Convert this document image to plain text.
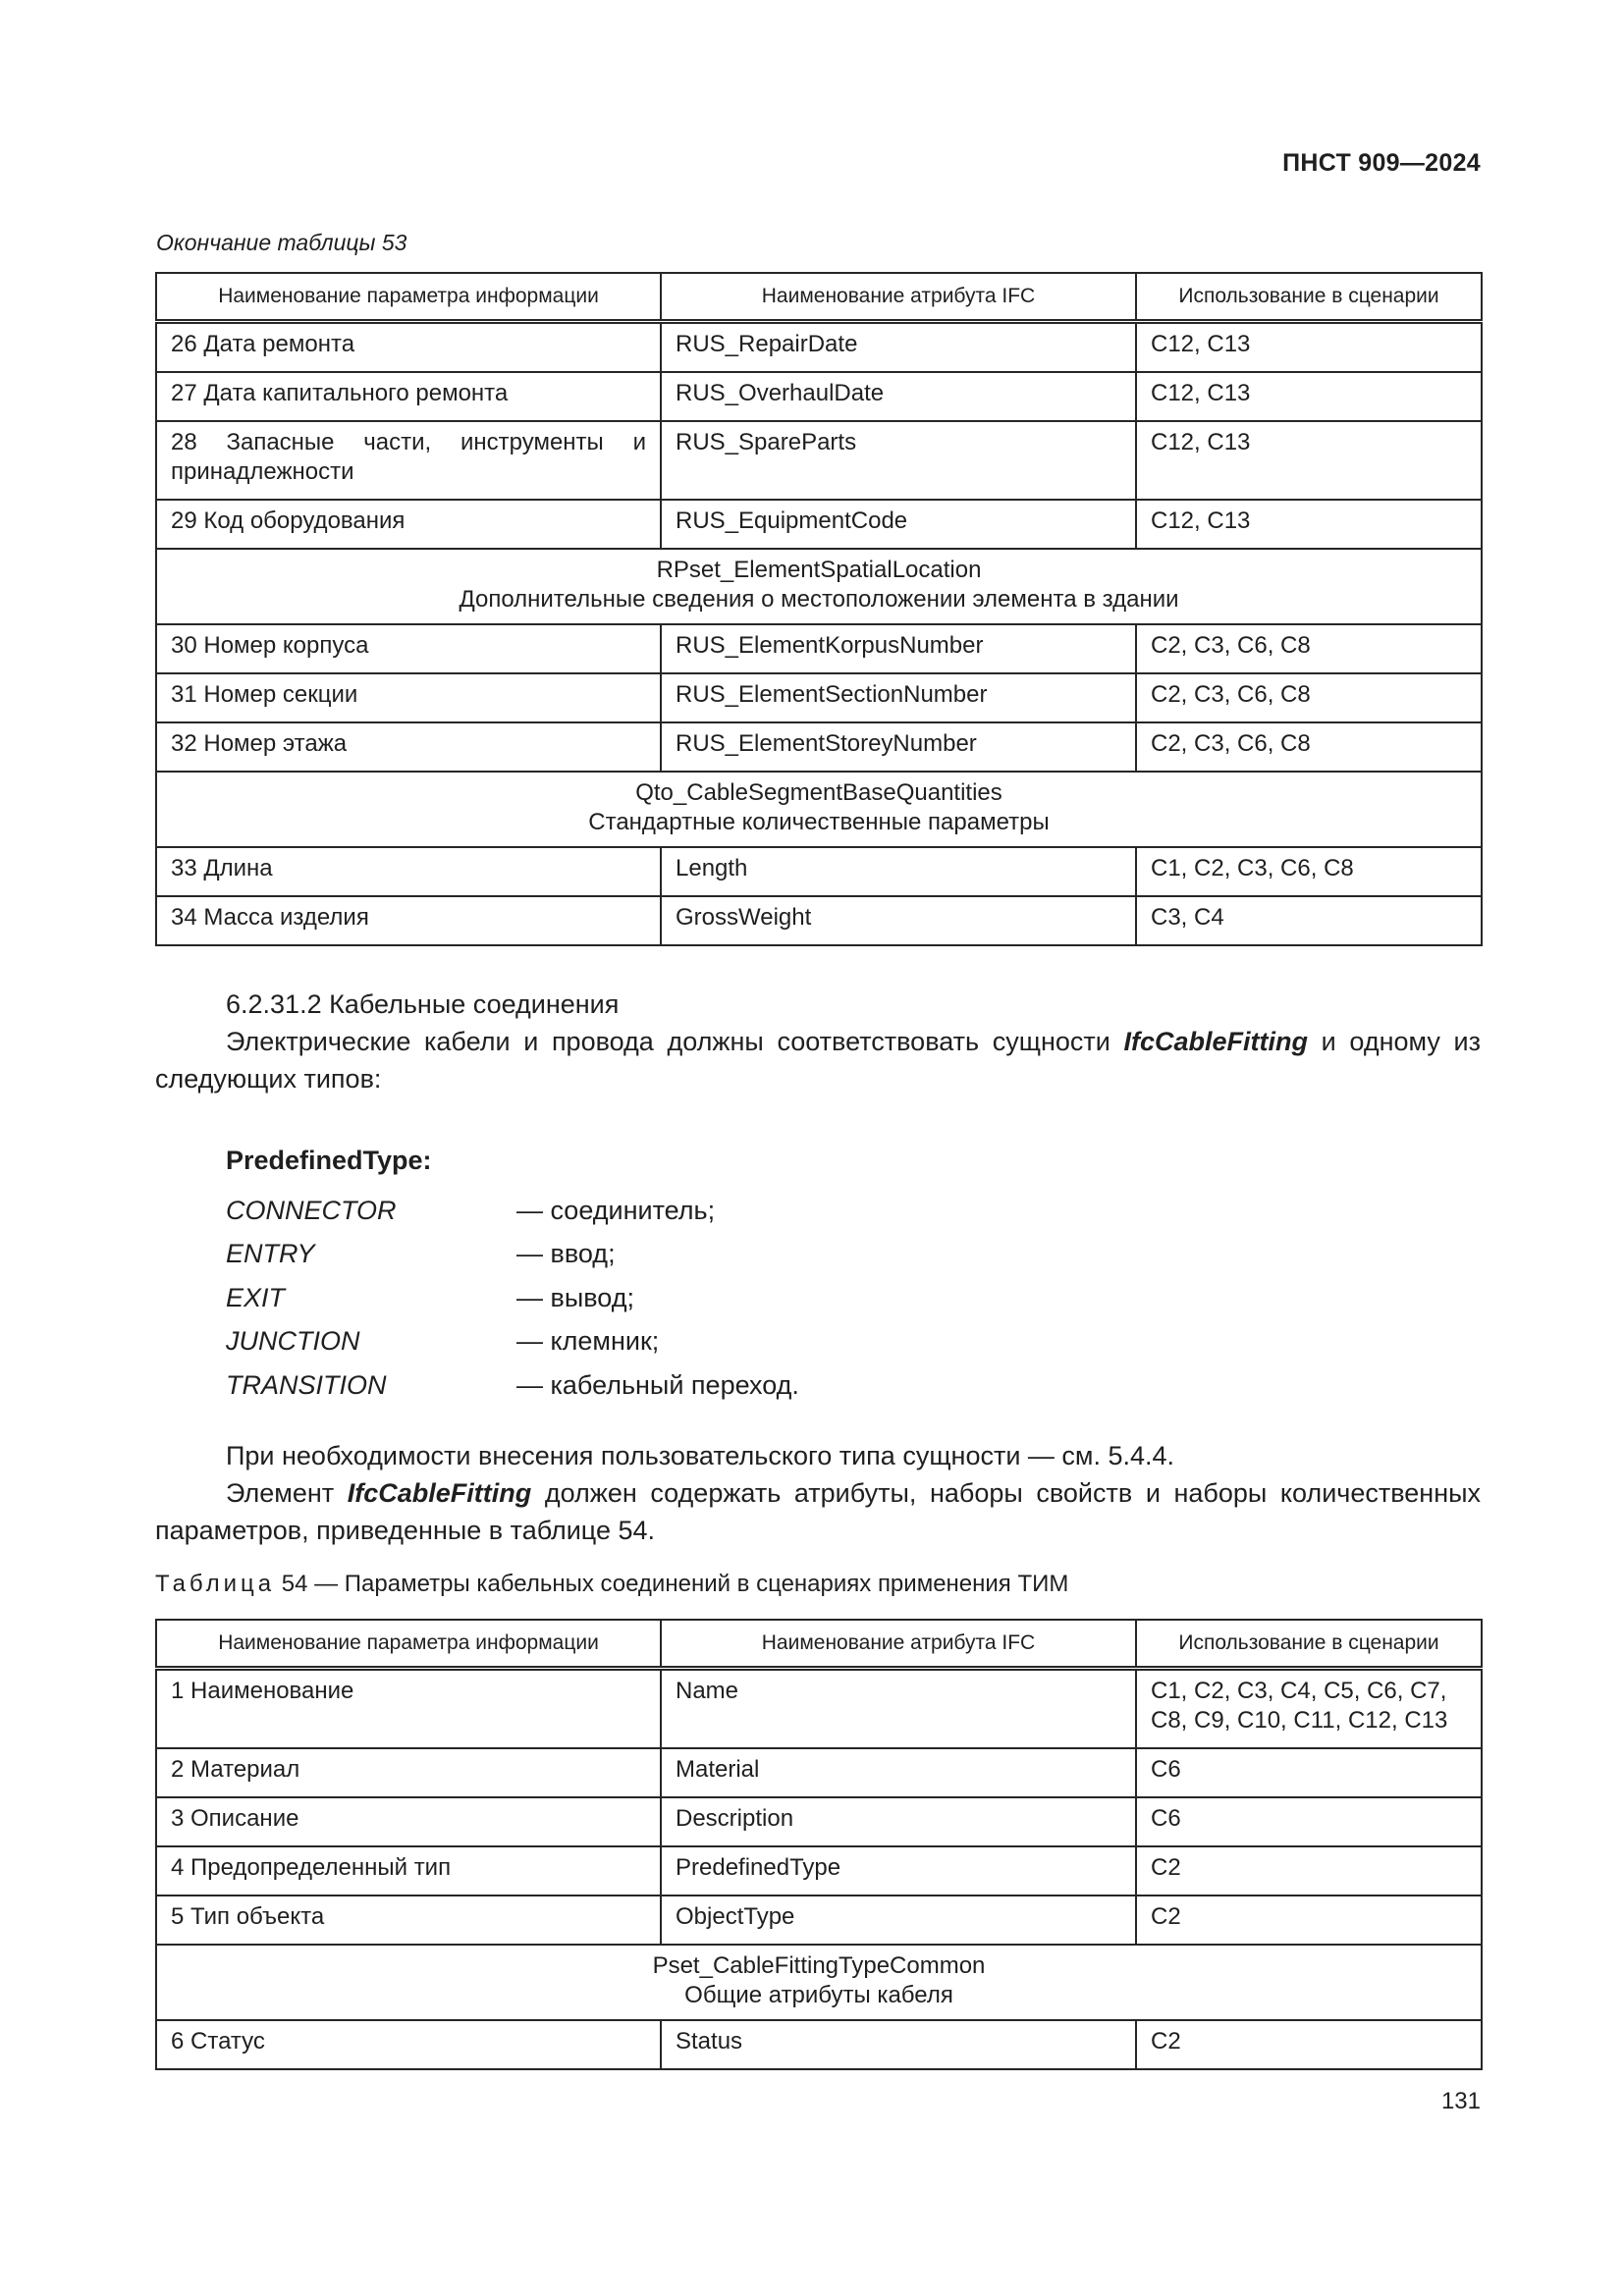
ПНСТ 909—2024
Окончание таблицы 53
Наименование параметра информации	Наименование атрибута IFC	Использование в сценарии
26 Дата ремонта	RUS_RepairDate	С12, С13
27 Дата капитального ремонта	RUS_OverhaulDate	С12, С13
28 Запасные части, инструменты и принадлежности	RUS_SpareParts	С12, С13
29 Код оборудования	RUS_EquipmentCode	С12, С13

RPset_ElementSpatialLocation
Дополнительные сведения о местоположении элемента в здании		

30 Номер корпуса	RUS_ElementKorpusNumber	С2, С3, С6, С8
31 Номер секции	RUS_ElementSectionNumber	С2, С3, С6, С8
32 Номер этажа	RUS_ElementStoreyNumber	С2, С3, С6, С8

Qto_CableSegmentBaseQuantities
Стандартные количественные параметры		

33 Длина	Length	С1, С2, С3, С6, С8
34 Масса изделия	GrossWeight	С3, С4
6.2.31.2 Кабельные соединения
Электрические кабели и провода должны соответствовать сущности IfcCableFitting и одному из следующих типов:
PredefinedType:
CONNECTOR	— соединитель;
ENTRY	— ввод;
EXIT	— вывод;
JUNCTION	— клемник;
TRANSITION	— кабельный переход.
При необходимости внесения пользовательского типа сущности — см. 5.4.4.
Элемент IfcCableFitting должен содержать атрибуты, наборы свойств и наборы количественных параметров, приведенные в таблице 54.
Таблица 54 — Параметры кабельных соединений в сценариях применения ТИМ
Наименование параметра информации	Наименование атрибута IFC	Использование в сценарии
1 Наименование	Name	С1, С2, С3, С4, С5, С6, С7, С8, С9, С10, С11, С12, С13
2 Материал	Material	С6
3 Описание	Description	С6
4 Предопределенный тип	PredefinedType	С2
5 Тип объекта	ObjectType	С2

Pset_CableFittingTypeCommon
Общие атрибуты кабеля		

6 Статус	Status	С2
131
